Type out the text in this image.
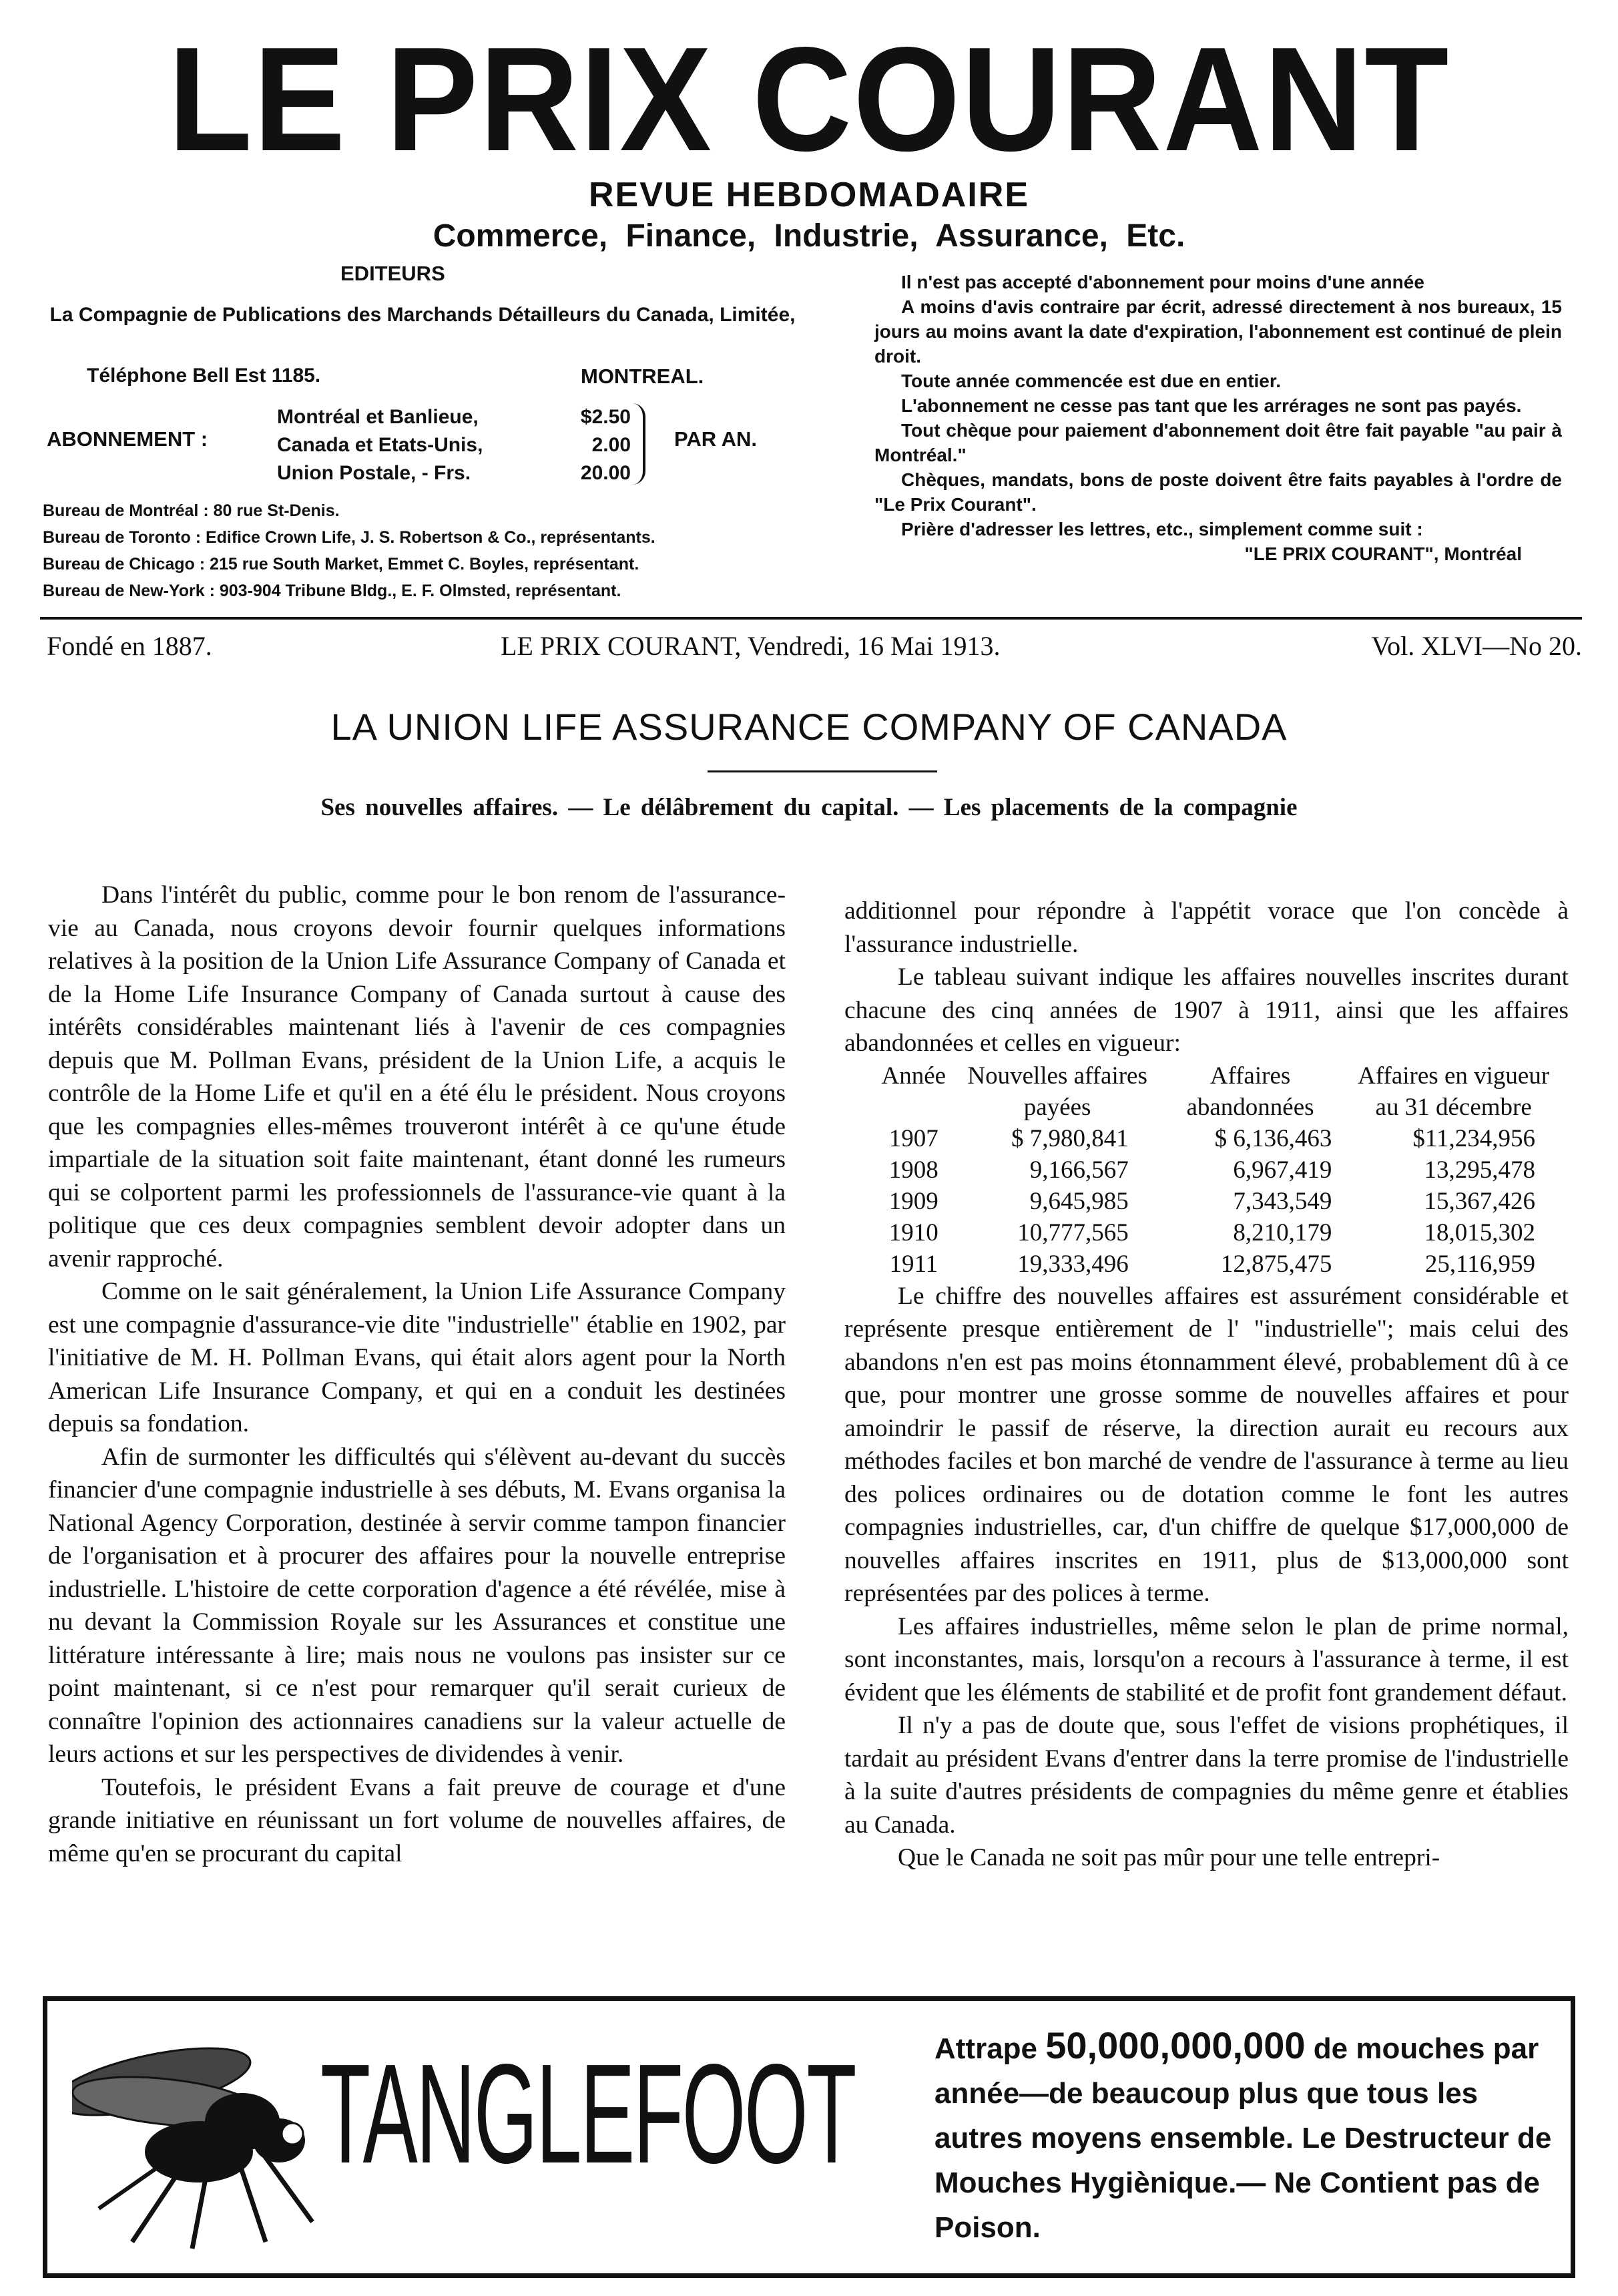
LE PRIX COURANT
REVUE HEBDOMADAIRE
Commerce, Finance, Industrie, Assurance, Etc.
EDITEURS
La Compagnie de Publications des Marchands Détailleurs du Canada, Limitée,
Téléphone Bell Est 1185.	MONTREAL.
ABONNEMENT :
Montréal et Banlieue,	$2.50
Canada et Etats-Unis,	2.00
Union Postale, - Frs.	20.00
PAR AN.
Bureau de Montréal : 80 rue St-Denis.
Bureau de Toronto : Edifice Crown Life, J. S. Robertson & Co., représentants.
Bureau de Chicago : 215 rue South Market, Emmet C. Boyles, représentant.
Bureau de New-York : 903-904 Tribune Bldg., E. F. Olmsted, représentant.

Il n'est pas accepté d'abonnement pour moins d'une année

A moins d'avis contraire par écrit, adressé directement à nos bureaux, 15 jours au moins avant la date d'expiration, l'abonnement est continué de plein droit.

Toute année commencée est due en entier.

L'abonnement ne cesse pas tant que les arrérages ne sont pas payés.

Tout chèque pour paiement d'abonnement doit être fait payable "au pair à Montréal."

Chèques, mandats, bons de poste doivent être faits payables à l'ordre de "Le Prix Courant".

Prière d'adresser les lettres, etc., simplement comme suit :

"LE PRIX COURANT", Montréal

Fondé en 1887.	LE PRIX COURANT, Vendredi, 16 Mai 1913.	Vol. XLVI—No 20.
LA UNION LIFE ASSURANCE COMPANY OF CANADA
Ses nouvelles affaires. — Le délâbrement du capital. — Les placements de la compagnie

Dans l'intérêt du public, comme pour le bon renom de l'assurance-vie au Canada, nous croyons devoir fournir quelques informations relatives à la position de la Union Life Assurance Company of Canada et de la Home Life Insurance Company of Canada surtout à cause des intérêts considérables maintenant liés à l'avenir de ces compagnies depuis que M. Pollman Evans, président de la Union Life, a acquis le contrôle de la Home Life et qu'il en a été élu le président. Nous croyons que les compagnies elles-mêmes trouveront intérêt à ce qu'une étude impartiale de la situation soit faite maintenant, étant donné les rumeurs qui se colportent parmi les professionnels de l'assurance-vie quant à la politique que ces deux compagnies semblent devoir adopter dans un avenir rapproché.

Comme on le sait généralement, la Union Life Assurance Company est une compagnie d'assurance-vie dite "industrielle" établie en 1902, par l'initiative de M. H. Pollman Evans, qui était alors agent pour la North American Life Insurance Company, et qui en a conduit les destinées depuis sa fondation.

Afin de surmonter les difficultés qui s'élèvent au-devant du succès financier d'une compagnie industrielle à ses débuts, M. Evans organisa la National Agency Corporation, destinée à servir comme tampon financier de l'organisation et à procurer des affaires pour la nouvelle entreprise industrielle. L'histoire de cette corporation d'agence a été révélée, mise à nu devant la Commission Royale sur les Assurances et constitue une littérature intéressante à lire; mais nous ne voulons pas insister sur ce point maintenant, si ce n'est pour remarquer qu'il serait curieux de connaître l'opinion des actionnaires canadiens sur la valeur actuelle de leurs actions et sur les perspectives de dividendes à venir.

Toutefois, le président Evans a fait preuve de courage et d'une grande initiative en réunissant un fort volume de nouvelles affaires, de même qu'en se procurant du capital

additionnel pour répondre à l'appétit vorace que l'on concède à l'assurance industrielle.

Le tableau suivant indique les affaires nouvelles inscrites durant chacune des cinq années de 1907 à 1911, ainsi que les affaires abandonnées et celles en vigueur:

Année	Nouvelles affaires payées	Affaires abandonnées	Affaires en vigueur au 31 décembre
1907	$ 7,980,841	$ 6,136,463	$11,234,956
1908	9,166,567	6,967,419	13,295,478
1909	9,645,985	7,343,549	15,367,426
1910	10,777,565	8,210,179	18,015,302
1911	19,333,496	12,875,475	25,116,959

Le chiffre des nouvelles affaires est assurément considérable et représente presque entièrement de l' "industrielle"; mais celui des abandons n'en est pas moins étonnamment élevé, probablement dû à ce que, pour montrer une grosse somme de nouvelles affaires et pour amoindrir le passif de réserve, la direction aurait eu recours aux méthodes faciles et bon marché de vendre de l'assurance à terme au lieu des polices ordinaires ou de dotation comme le font les autres compagnies industrielles, car, d'un chiffre de quelque $17,000,000 de nouvelles affaires inscrites en 1911, plus de $13,000,000 sont représentées par des polices à terme.

Les affaires industrielles, même selon le plan de prime normal, sont inconstantes, mais, lorsqu'on a recours à l'assurance à terme, il est évident que les éléments de stabilité et de profit font grandement défaut.

Il n'y a pas de doute que, sous l'effet de visions prophétiques, il tardait au président Evans d'entrer dans la terre promise de l'industrielle à la suite d'autres présidents de compagnies du même genre et établies au Canada.

Que le Canada ne soit pas mûr pour une telle entrepri-

TANGLEFOOT	Attrape 50,000,000,000 de mouches par année—de beaucoup plus que tous les autres moyens ensemble. Le Destructeur de Mouches Hygiènique.— Ne Contient pas de Poison.
